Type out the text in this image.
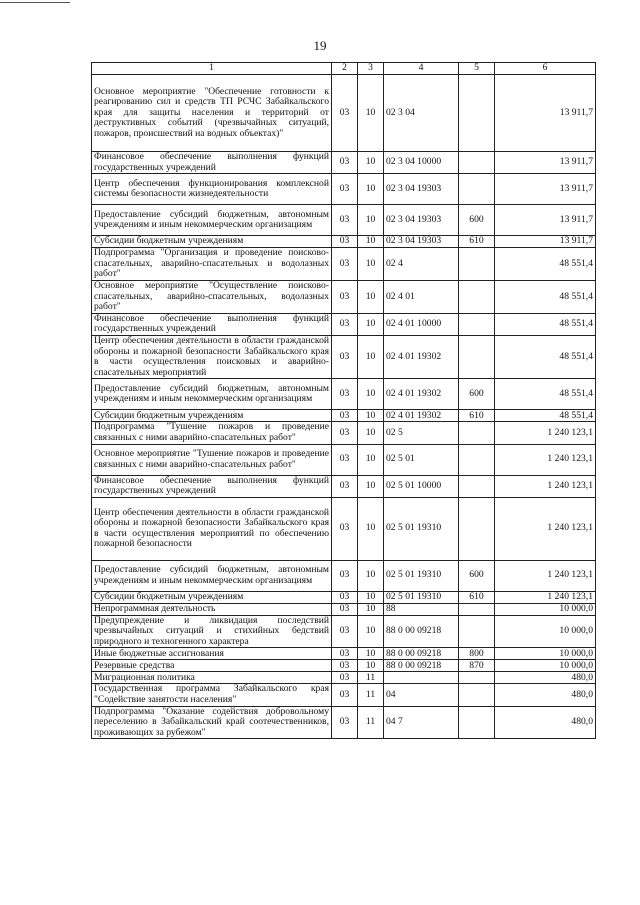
19
1	2	3	4	5	6
Основное мероприятие "Обеспечение готовности к реагированию сил и средств ТП РСЧС Забайкальского края для защиты населения и территорий от деструктивных событий (чрезвычайных ситуаций, пожаров, происшествий на водных объектах)"	03	10	02 3 04		13 911,7
Финансовое обеспечение выполнения функций государственных учреждений	03	10	02 3 04 10000		13 911,7
Центр обеспечения функционирования комплексной системы безопасности жизнедеятельности	03	10	02 3 04 19303		13 911,7
Предоставление субсидий бюджетным, автономным учреждениям и иным некоммерческим организациям	03	10	02 3 04 19303	600	13 911,7
Субсидии бюджетным учреждениям	03	10	02 3 04 19303	610	13 911,7
Подпрограмма "Организация и проведение поисково-спасательных, аварийно-спасательных и водолазных работ"	03	10	02 4		48 551,4
Основное мероприятие "Осуществление поисково-спасательных, аварийно-спасательных, водолазных работ"	03	10	02 4 01		48 551,4
Финансовое обеспечение выполнения функций государственных учреждений	03	10	02 4 01 10000		48 551,4
Центр обеспечения деятельности в области гражданской обороны и пожарной безопасности Забайкальского края в части осуществления поисковых и аварийно-спасательных мероприятий	03	10	02 4 01 19302		48 551,4
Предоставление субсидий бюджетным, автономным учреждениям и иным некоммерческим организациям	03	10	02 4 01 19302	600	48 551,4
Субсидии бюджетным учреждениям	03	10	02 4 01 19302	610	48 551,4
Подпрограмма "Тушение пожаров и проведение связанных с ними аварийно-спасательных работ"	03	10	02 5		1 240 123,1
Основное мероприятие "Тушение пожаров и проведение связанных с ними аварийно-спасательных работ"	03	10	02 5 01		1 240 123,1
Финансовое обеспечение выполнения функций государственных учреждений	03	10	02 5 01 10000		1 240 123,1
Центр обеспечения деятельности в области гражданской обороны и пожарной безопасности Забайкальского края в части осуществления мероприятий по обеспечению пожарной безопасности	03	10	02 5 01 19310		1 240 123,1
Предоставление субсидий бюджетным, автономным учреждениям и иным некоммерческим организациям	03	10	02 5 01 19310	600	1 240 123,1
Субсидии бюджетным учреждениям	03	10	02 5 01 19310	610	1 240 123,1
Непрограммная деятельность	03	10	88		10 000,0
Предупреждение и ликвидация последствий чрезвычайных ситуаций и стихийных бедствий природного и техногенного характера	03	10	88 0 00 09218		10 000,0
Иные бюджетные ассигнования	03	10	88 0 00 09218	800	10 000,0
Резервные средства	03	10	88 0 00 09218	870	10 000,0
Миграционная политика	03	11			480,0
Государственная программа Забайкальского края "Содействие занятости населения"	03	11	04		480,0
Подпрограмма "Оказание содействия добровольному переселению в Забайкальский край соотечественников, проживающих за рубежом"	03	11	04 7		480,0
